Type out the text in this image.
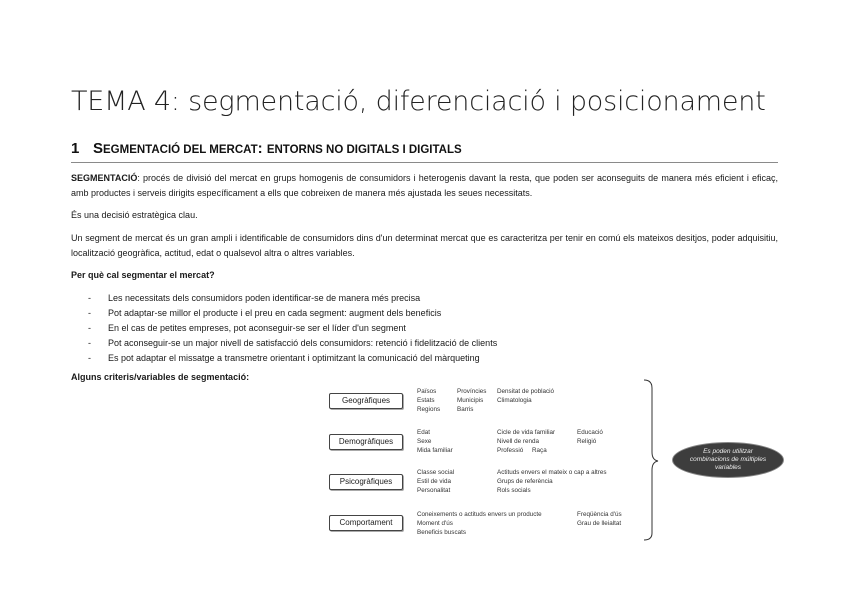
TEMA 4: segmentació, diferenciació i posicionament
1 SEGMENTACIÓ DEL MERCAT: ENTORNS NO DIGITALS I DIGITALS

SEGMENTACIÓ: procés de divisió del mercat en grups homogenis de consumidors i heterogenis davant la resta, que poden ser aconseguits de manera més eficient i eficaç, amb productes i serveis dirigits específicament a ells que cobreixen de manera més ajustada les seues necessitats.

És una decisió estratègica clau.

Un segment de mercat és un gran ampli i identificable de consumidors dins d'un determinat mercat que es caracteritza per tenir en comú els mateixos desitjos, poder adquisitiu, localització geogràfica, actitud, edat o qualsevol altra o altres variables.

Per què cal segmentar el mercat?

- Les necessitats dels consumidors poden identificar-se de manera més precisa
- Pot adaptar-se millor el producte i el preu en cada segment: augment dels beneficis
- En el cas de petites empreses, pot aconseguir-se ser el líder d'un segment
- Pot aconseguir-se un major nivell de satisfacció dels consumidors: retenció i fidelització de clients
- Es pot adaptar el missatge a transmetre orientant i optimitzant la comunicació del màrqueting

Alguns criteris/variables de segmentació:

Geogràfiques
Països
Estats
Regions
Províncies
Municipis
Barris
Densitat de població
Climatologia
Demogràfiques
Edat
Sexe
Mida familiar
Cicle de vida familiar
Nivell de renda
Professió     Raça
Educació
Religió
Psicogràfiques
Classe social
Estil de vida
Personalitat
Actituds envers el mateix o cap a altres
Grups de referència
Rols socials
Comportament
Coneixements o actituds envers un producte
Moment d'ús
Beneficis buscats
Freqüència d'ús
Grau de lleialtat
Es poden utilitzar combinacions de múltiples variables
